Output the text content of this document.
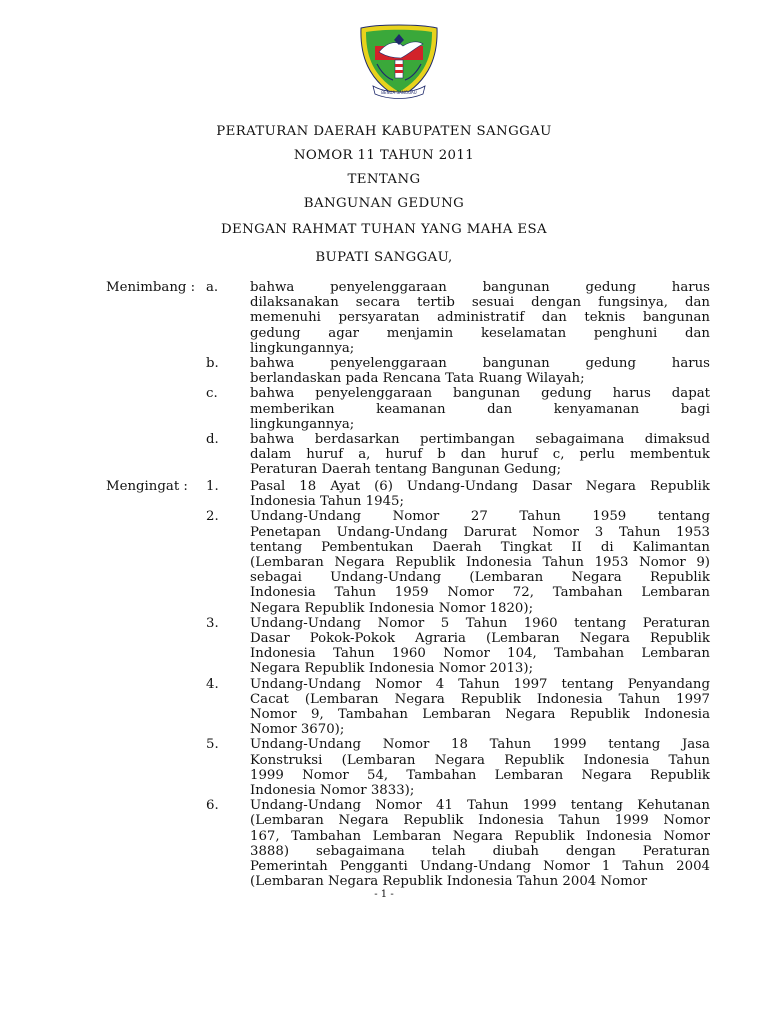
BENUA SANGGAU
PERATURAN DAERAH KABUPATEN SANGGAU
NOMOR 11 TAHUN 2011
TENTANG
BANGUNAN GEDUNG
DENGAN RAHMAT TUHAN YANG MAHA ESA
BUPATI SANGGAU,
Menimbang : a.	bahwa penyelenggaraan bangunan gedung harus
dilaksanakan secara tertib sesuai dengan fungsinya, dan
memenuhi persyaratan administratif dan teknis bangunan
gedung agar menjamin keselamatan penghuni dan
lingkungannya;
b.	bahwa penyelenggaraan bangunan gedung harus
berlandaskan pada Rencana Tata Ruang Wilayah;
c.	bahwa penyelenggaraan bangunan gedung harus dapat
memberikan keamanan dan kenyamanan bagi
lingkungannya;
d.	bahwa berdasarkan pertimbangan sebagaimana dimaksud
dalam huruf a, huruf b dan huruf c, perlu membentuk
Peraturan Daerah tentang Bangunan Gedung;
Mengingat :	1.	Pasal 18 Ayat (6) Undang-Undang Dasar Negara Republik
Indonesia Tahun 1945;
2.	Undang-Undang Nomor 27 Tahun 1959 tentang
Penetapan Undang-Undang Darurat Nomor 3 Tahun 1953
tentang Pembentukan Daerah Tingkat II di Kalimantan
(Lembaran Negara Republik Indonesia Tahun 1953 Nomor 9)
sebagai Undang-Undang (Lembaran Negara Republik
Indonesia Tahun 1959 Nomor 72, Tambahan Lembaran
Negara Republik Indonesia Nomor 1820);
3.	Undang-Undang Nomor 5 Tahun 1960 tentang Peraturan
Dasar Pokok-Pokok Agraria (Lembaran Negara Republik
Indonesia Tahun 1960 Nomor 104, Tambahan Lembaran
Negara Republik Indonesia Nomor 2013);
4.	Undang-Undang Nomor 4 Tahun 1997 tentang Penyandang
Cacat (Lembaran Negara Republik Indonesia Tahun 1997
Nomor 9, Tambahan Lembaran Negara Republik Indonesia
Nomor 3670);
5.	Undang-Undang Nomor 18 Tahun 1999 tentang Jasa
Konstruksi (Lembaran Negara Republik Indonesia Tahun
1999 Nomor 54, Tambahan Lembaran Negara Republik
Indonesia Nomor 3833);
6.	Undang-Undang Nomor 41 Tahun 1999 tentang Kehutanan
(Lembaran Negara Republik Indonesia Tahun 1999 Nomor
167, Tambahan Lembaran Negara Republik Indonesia Nomor
3888) sebagaimana telah diubah dengan Peraturan
Pemerintah Pengganti Undang-Undang Nomor 1 Tahun 2004
(Lembaran Negara Republik Indonesia Tahun 2004 Nomor
- 1 -
